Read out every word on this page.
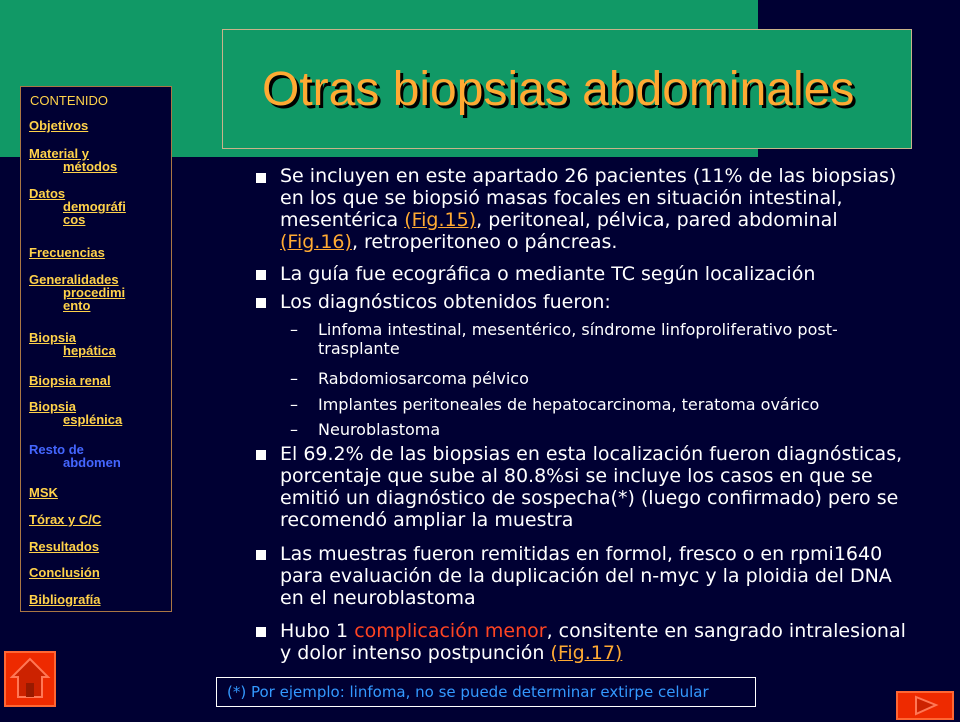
Otras biopsias abdominales
CONTENIDO
Objetivos
Material y
métodos
Datos
demográfi
cos
Frecuencias
Generalidades
procedimi
ento
Biopsia
hepática
Biopsia renal
Biopsia
esplénica
Resto de
abdomen
MSK
Tórax y C/C
Resultados
Conclusión
Bibliografía

Se incluyen en este apartado 26 pacientes (11% de las biopsias) en los que se biopsió masas focales en situación intestinal, mesentérica (Fig.15), peritoneal, pélvica, pared abdominal (Fig.16), retroperitoneo o páncreas.

La guía fue ecográfica o mediante TC según localización

Los diagnósticos obtenidos fueron:

– Linfoma intestinal, mesentérico, síndrome linfoproliferativo post-trasplante

– Rabdomiosarcoma pélvico

– Implantes peritoneales de hepatocarcinoma, teratoma ovárico

– Neuroblastoma

El 69.2% de las biopsias en esta localización fueron diagnósticas, porcentaje que sube al 80.8%si se incluye los casos en que se emitió un diagnóstico de sospecha(*) (luego confirmado) pero se recomendó ampliar la muestra

Las muestras fueron remitidas en formol, fresco o en rpmi1640 para evaluación de la duplicación del n-myc y la ploidia del DNA en el neuroblastoma

Hubo 1 complicación menor, consitente en sangrado intralesional y dolor intenso postpunción (Fig.17)

(*) Por ejemplo: linfoma, no se puede determinar extirpe celular
